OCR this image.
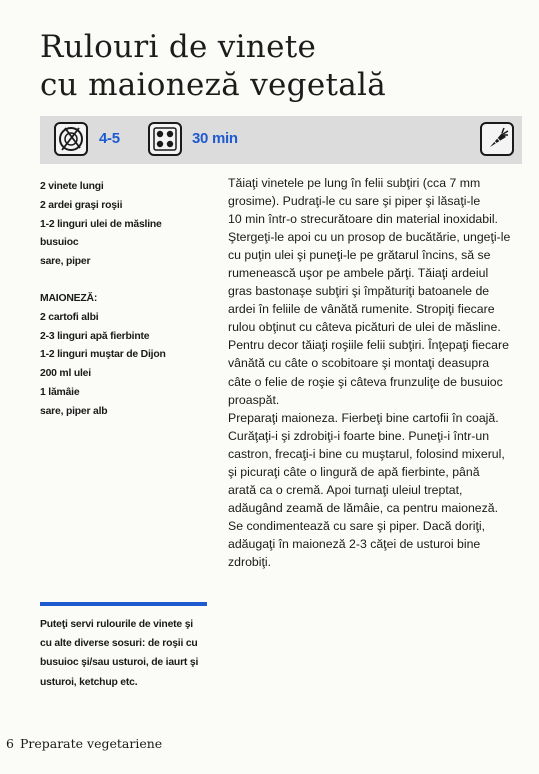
Rulouri de vinete
cu maioneză vegetală
4-5	30 min
2 vinete lungi
2 ardei graşi roşii
1-2 linguri ulei de măsline
busuioc
sare, piper
MAIONEZĂ:
2 cartofi albi
2-3 linguri apă fierbinte
1-2 linguri muştar de Dijon
200 ml ulei
1 lămâie
sare, piper alb
Tăiaţi vinetele pe lung în felii subţiri (cca 7 mm
grosime). Pudraţi-le cu sare şi piper şi lăsaţi-le
10 min într-o strecurătoare din material inoxidabil.
Ştergeţi-le apoi cu un prosop de bucătărie, ungeţi-le
cu puţin ulei şi puneţi-le pe grătarul încins, să se
rumenească uşor pe ambele părţi. Tăiaţi ardeiul
gras bastonaşe subţiri şi împăturiţi batoanele de
ardei în feliile de vânătă rumenite. Stropiţi fiecare
rulou obţinut cu câteva picături de ulei de măsline.
Pentru decor tăiaţi roşiile felii subţiri. Înţepaţi fiecare
vânătă cu câte o scobitoare şi montaţi deasupra
câte o felie de roşie şi câteva frunzuliţe de busuioc
proaspăt.
Preparaţi maioneza. Fierbeţi bine cartofii în coajă.
Curăţaţi-i şi zdrobiţi-i foarte bine. Puneţi-i într-un
castron, frecaţi-i bine cu muştarul, folosind mixerul,
şi picuraţi câte o lingură de apă fierbinte, până
arată ca o cremă. Apoi turnaţi uleiul treptat,
adăugând zeamă de lămâie, ca pentru maioneză.
Se condimentează cu sare şi piper. Dacă doriţi,
adăugaţi în maioneză 2-3 căţei de usturoi bine
zdrobiţi.
Puteţi servi rulourile de vinete şi
cu alte diverse sosuri: de roşii cu
busuioc şi/sau usturoi, de iaurt şi
usturoi, ketchup etc.
6 Preparate vegetariene
